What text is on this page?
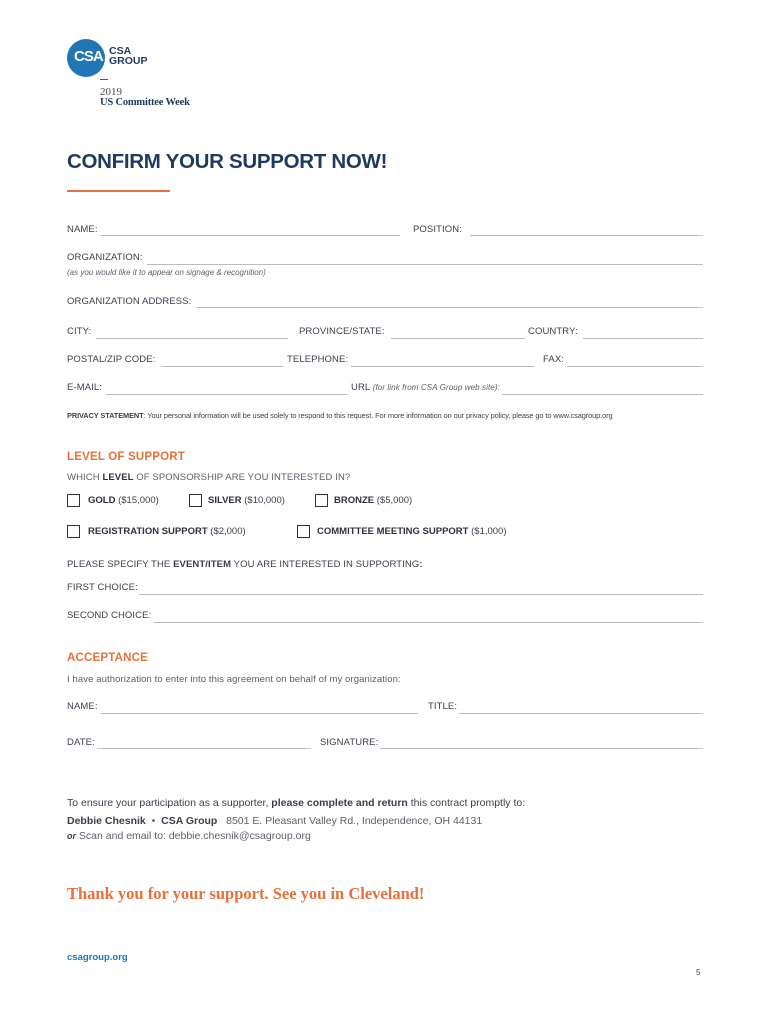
CSA CSA
GROUP
2019
US Committee Week
CONFIRM YOUR SUPPORT NOW!
NAME:	POSITION:
ORGANIZATION:
(as you would like it to appear on signage & recognition)
ORGANIZATION ADDRESS:
CITY:	PROVINCE/STATE:	COUNTRY:
POSTAL/ZIP CODE:	TELEPHONE:	FAX:
E-MAIL:	URL (for link from CSA Group web site):
PRIVACY STATEMENT: Your personal information will be used solely to respond to this request. For more information on our privacy policy, please go to www.csagroup.org
LEVEL OF SUPPORT
WHICH LEVEL OF SPONSORSHIP ARE YOU INTERESTED IN?
GOLD ($15,000)	SILVER ($10,000)	BRONZE ($5,000)
REGISTRATION SUPPORT ($2,000)	COMMITTEE MEETING SUPPORT ($1,000)
PLEASE SPECIFY THE EVENT/ITEM YOU ARE INTERESTED IN SUPPORTING:
FIRST CHOICE:
SECOND CHOICE:
ACCEPTANCE
I have authorization to enter into this agreement on behalf of my organization:
NAME:	TITLE:
DATE:	SIGNATURE:
To ensure your participation as a supporter, please complete and return this contract promptly to:
Debbie Chesnik • CSA Group 8501 E. Pleasant Valley Rd., Independence, OH 44131
or Scan and email to: debbie.chesnik@csagroup.org
Thank you for your support. See you in Cleveland!
csagroup.org
5
